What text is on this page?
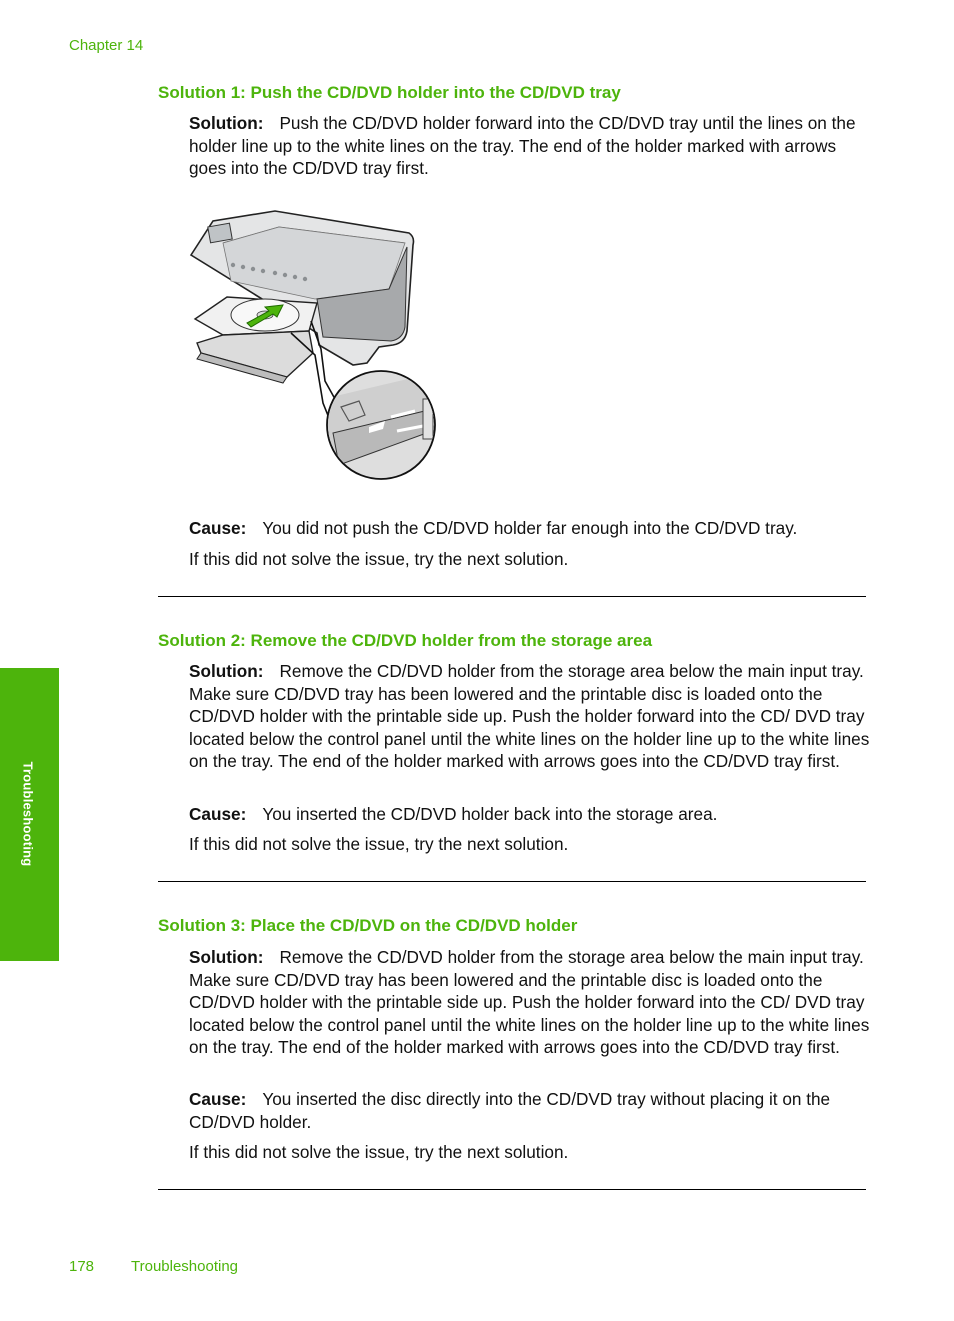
Chapter 14
Troubleshooting
Solution 1: Push the CD/DVD holder into the CD/DVD tray
Solution: Push the CD/DVD holder forward into the CD/DVD tray until the lines on the holder line up to the white lines on the tray. The end of the holder marked with arrows goes into the CD/DVD tray first.
Cause: You did not push the CD/DVD holder far enough into the CD/DVD tray.
If this did not solve the issue, try the next solution.
Solution 2: Remove the CD/DVD holder from the storage area
Solution: Remove the CD/DVD holder from the storage area below the main input tray. Make sure CD/DVD tray has been lowered and the printable disc is loaded onto the CD/DVD holder with the printable side up. Push the holder forward into the CD/ DVD tray located below the control panel until the white lines on the holder line up to the white lines on the tray. The end of the holder marked with arrows goes into the CD/DVD tray first.
Cause: You inserted the CD/DVD holder back into the storage area.
If this did not solve the issue, try the next solution.
Solution 3: Place the CD/DVD on the CD/DVD holder
Solution: Remove the CD/DVD holder from the storage area below the main input tray. Make sure CD/DVD tray has been lowered and the printable disc is loaded onto the CD/DVD holder with the printable side up. Push the holder forward into the CD/ DVD tray located below the control panel until the white lines on the holder line up to the white lines on the tray. The end of the holder marked with arrows goes into the CD/DVD tray first.
Cause: You inserted the disc directly into the CD/DVD tray without placing it on the CD/DVD holder.
If this did not solve the issue, try the next solution.
178 Troubleshooting
